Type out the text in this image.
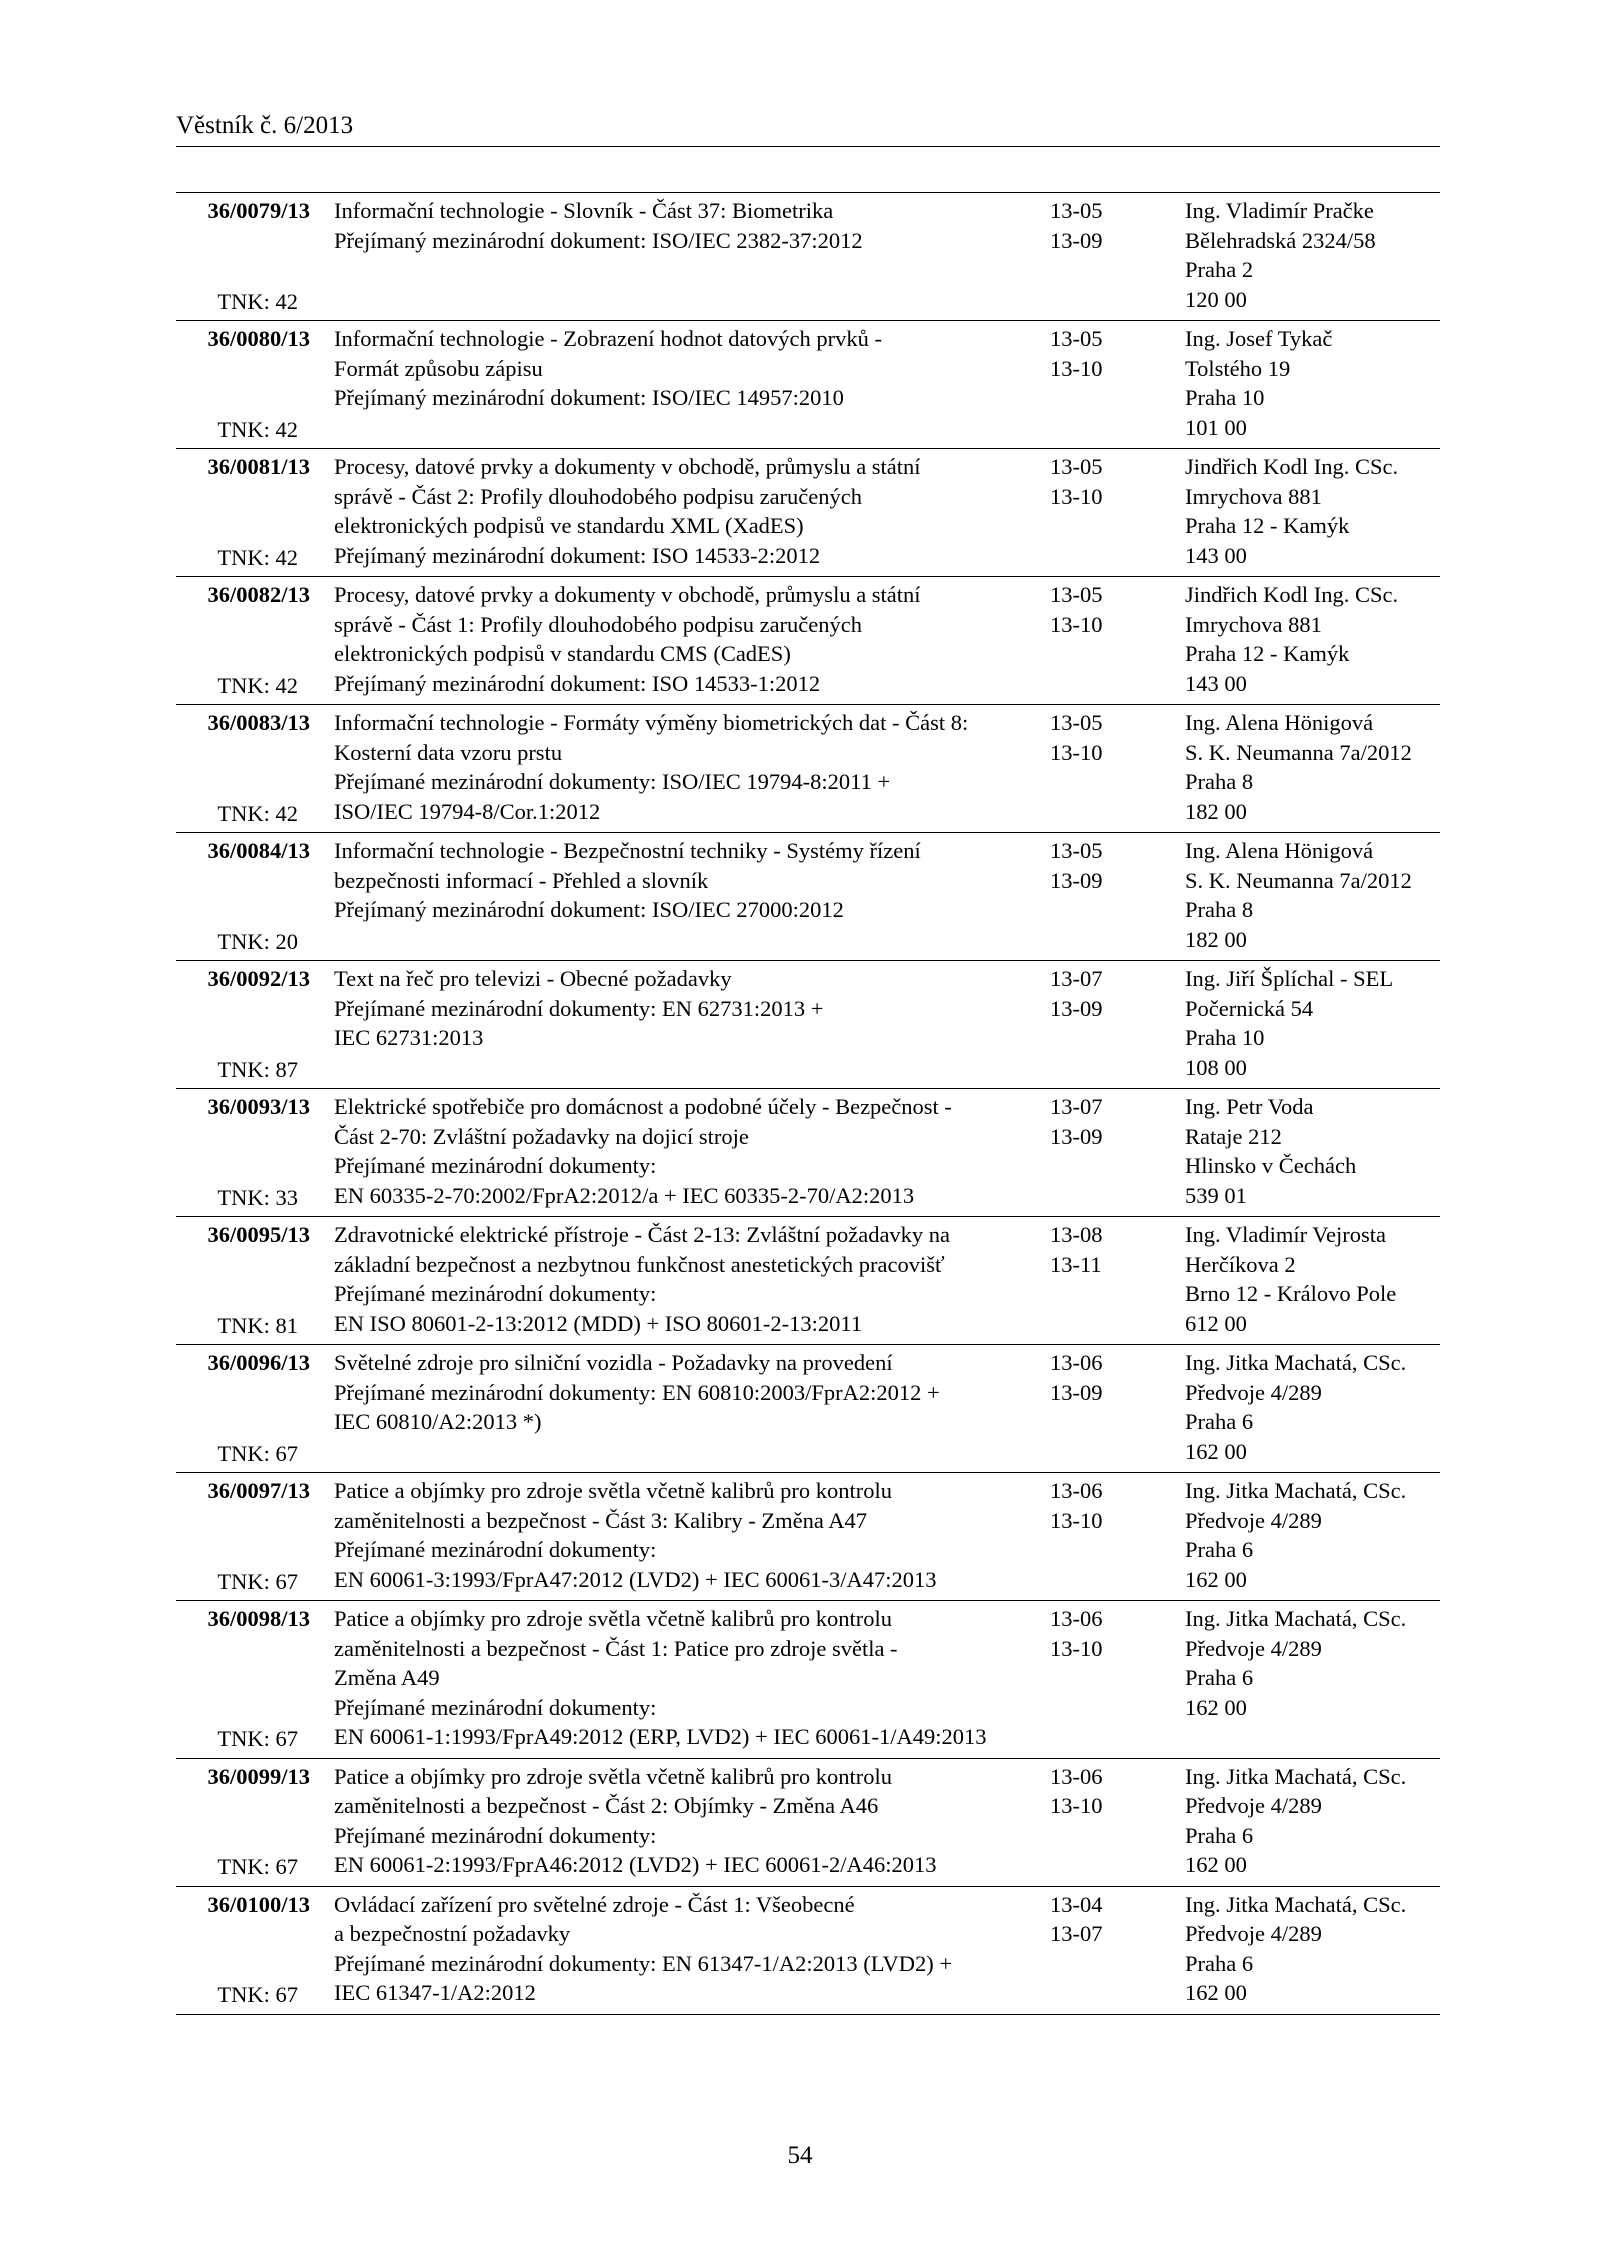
Věstník č. 6/2013
36/0079/13
TNK: 42
Informační technologie - Slovník - Část 37: Biometrika
Přejímaný mezinárodní dokument: ISO/IEC 2382-37:2012
13-05
13-09
Ing. Vladimír Pračke
Bělehradská 2324/58
Praha 2
120 00
36/0080/13
TNK: 42
Informační technologie - Zobrazení hodnot datových prvků -
Formát způsobu zápisu
Přejímaný mezinárodní dokument: ISO/IEC 14957:2010
13-05
13-10
Ing. Josef Tykač
Tolstého 19
Praha 10
101 00
36/0081/13
TNK: 42
Procesy, datové prvky a dokumenty v obchodě, průmyslu a státní
správě - Část 2: Profily dlouhodobého podpisu zaručených
elektronických podpisů ve standardu XML (XadES)
Přejímaný mezinárodní dokument: ISO 14533-2:2012
13-05
13-10
Jindřich Kodl Ing. CSc.
Imrychova 881
Praha 12 - Kamýk
143 00
36/0082/13
TNK: 42
Procesy, datové prvky a dokumenty v obchodě, průmyslu a státní
správě - Část 1: Profily dlouhodobého podpisu zaručených
elektronických podpisů v standardu CMS (CadES)
Přejímaný mezinárodní dokument: ISO 14533-1:2012
13-05
13-10
Jindřich Kodl Ing. CSc.
Imrychova 881
Praha 12 - Kamýk
143 00
36/0083/13
TNK: 42
Informační technologie - Formáty výměny biometrických dat - Část 8:
Kosterní data vzoru prstu
Přejímané mezinárodní dokumenty: ISO/IEC 19794-8:2011 +
ISO/IEC 19794-8/Cor.1:2012
13-05
13-10
Ing. Alena Hönigová
S. K. Neumanna 7a/2012
Praha 8
182 00
36/0084/13
TNK: 20
Informační technologie - Bezpečnostní techniky - Systémy řízení
bezpečnosti informací - Přehled a slovník
Přejímaný mezinárodní dokument: ISO/IEC 27000:2012
13-05
13-09
Ing. Alena Hönigová
S. K. Neumanna 7a/2012
Praha 8
182 00
36/0092/13
TNK: 87
Text na řeč pro televizi - Obecné požadavky
Přejímané mezinárodní dokumenty: EN 62731:2013 +
IEC 62731:2013
13-07
13-09
Ing. Jiří Šplíchal - SEL
Počernická 54
Praha 10
108 00
36/0093/13
TNK: 33
Elektrické spotřebiče pro domácnost a podobné účely - Bezpečnost -
Část 2-70: Zvláštní požadavky na dojicí stroje
Přejímané mezinárodní dokumenty:
EN 60335-2-70:2002/FprA2:2012/a + IEC 60335-2-70/A2:2013
13-07
13-09
Ing. Petr Voda
Rataje 212
Hlinsko v Čechách
539 01
36/0095/13
TNK: 81
Zdravotnické elektrické přístroje - Část 2-13: Zvláštní požadavky na
základní bezpečnost a nezbytnou funkčnost anestetických pracovišť
Přejímané mezinárodní dokumenty:
EN ISO 80601-2-13:2012 (MDD) + ISO 80601-2-13:2011
13-08
13-11
Ing. Vladimír Vejrosta
Herčíkova 2
Brno 12 - Královo Pole
612 00
36/0096/13
TNK: 67
Světelné zdroje pro silniční vozidla - Požadavky na provedení
Přejímané mezinárodní dokumenty: EN 60810:2003/FprA2:2012 +
IEC 60810/A2:2013 *)
13-06
13-09
Ing. Jitka Machatá, CSc.
Předvoje 4/289
Praha 6
162 00
36/0097/13
TNK: 67
Patice a objímky pro zdroje světla včetně kalibrů pro kontrolu
zaměnitelnosti a bezpečnost - Část 3: Kalibry - Změna A47
Přejímané mezinárodní dokumenty:
EN 60061-3:1993/FprA47:2012 (LVD2) + IEC 60061-3/A47:2013
13-06
13-10
Ing. Jitka Machatá, CSc.
Předvoje 4/289
Praha 6
162 00
36/0098/13
TNK: 67
Patice a objímky pro zdroje světla včetně kalibrů pro kontrolu
zaměnitelnosti a bezpečnost - Část 1: Patice pro zdroje světla -
Změna A49
Přejímané mezinárodní dokumenty:
EN 60061-1:1993/FprA49:2012 (ERP, LVD2) + IEC 60061-1/A49:2013
13-06
13-10
Ing. Jitka Machatá, CSc.
Předvoje 4/289
Praha 6
162 00
36/0099/13
TNK: 67
Patice a objímky pro zdroje světla včetně kalibrů pro kontrolu
zaměnitelnosti a bezpečnost - Část 2: Objímky - Změna A46
Přejímané mezinárodní dokumenty:
EN 60061-2:1993/FprA46:2012 (LVD2) + IEC 60061-2/A46:2013
13-06
13-10
Ing. Jitka Machatá, CSc.
Předvoje 4/289
Praha 6
162 00
36/0100/13
TNK: 67
Ovládací zařízení pro světelné zdroje - Část 1: Všeobecné
a bezpečnostní požadavky
Přejímané mezinárodní dokumenty: EN 61347-1/A2:2013 (LVD2) +
IEC 61347-1/A2:2012
13-04
13-07
Ing. Jitka Machatá, CSc.
Předvoje 4/289
Praha 6
162 00
54
